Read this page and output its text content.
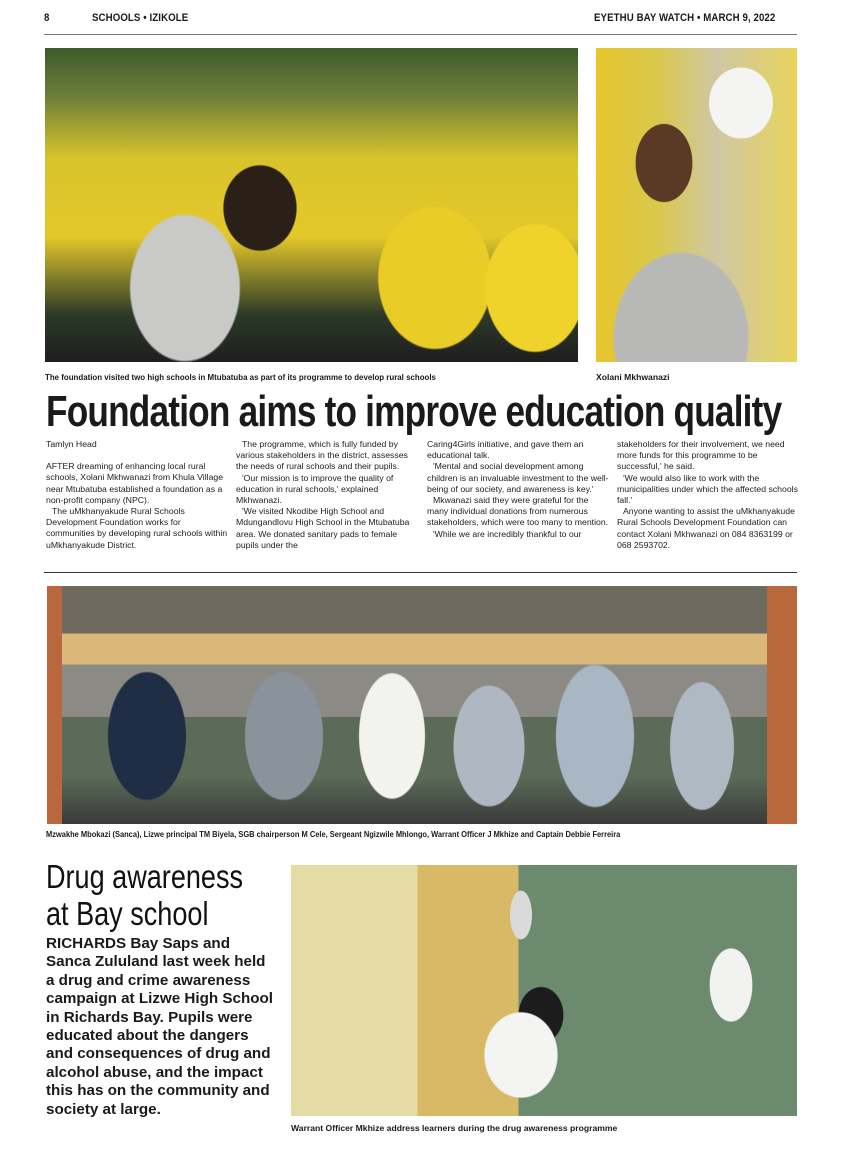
8	SCHOOLS • IZIKOLE	EYETHU BAY WATCH • MARCH 9, 2022
The foundation visited two high schools in Mtubatuba as part of its programme to develop rural schools	Xolani Mkhwanazi
Foundation aims to improve education quality

Tamlyn Head

AFTER dreaming of enhancing local rural schools, Xolani Mkhwanazi from Khula Village near Mtubatuba established a foundation as a non-profit company (NPC).

The uMkhanyakude Rural Schools Development Foundation works for communities by developing rural schools within uMkhanyakude District.

The programme, which is fully funded by various stakeholders in the district, assesses the needs of rural schools and their pupils.

'Our mission is to improve the quality of education in rural schools,' explained Mkhwanazi.

'We visited Nkodibe High School and Mdungandlovu High School in the Mtubatuba area. We donated sanitary pads to female pupils under the

Caring4Girls initiative, and gave them an educational talk.

'Mental and social development among children is an invaluable investment to the well-being of our society, and awareness is key.'

Mkwanazi said they were grateful for the many individual donations from numerous stakeholders, which were too many to mention.

'While we are incredibly thankful to our

stakeholders for their involvement, we need more funds for this programme to be successful,' he said.

'We would also like to work with the municipalities under which the affected schools fall.'

Anyone wanting to assist the uMkhanyakude Rural Schools Development Foundation can contact Xolani Mkhwanazi on 084 8363199 or 068 2593702.

Mzwakhe Mbokazi (Sanca), Lizwe principal TM Biyela, SGB chairperson M Cele, Sergeant Ngizwile Mhlongo, Warrant Officer J Mkhize and Captain Debbie Ferreira
Drug awareness
at Bay school
RICHARDS Bay Saps and Sanca Zululand last week held a drug and crime awareness campaign at Lizwe High School in Richards Bay. Pupils were educated about the dangers and consequences of drug and alcohol abuse, and the impact this has on the community and society at large.
Warrant Officer Mkhize address learners during the drug awareness programme
